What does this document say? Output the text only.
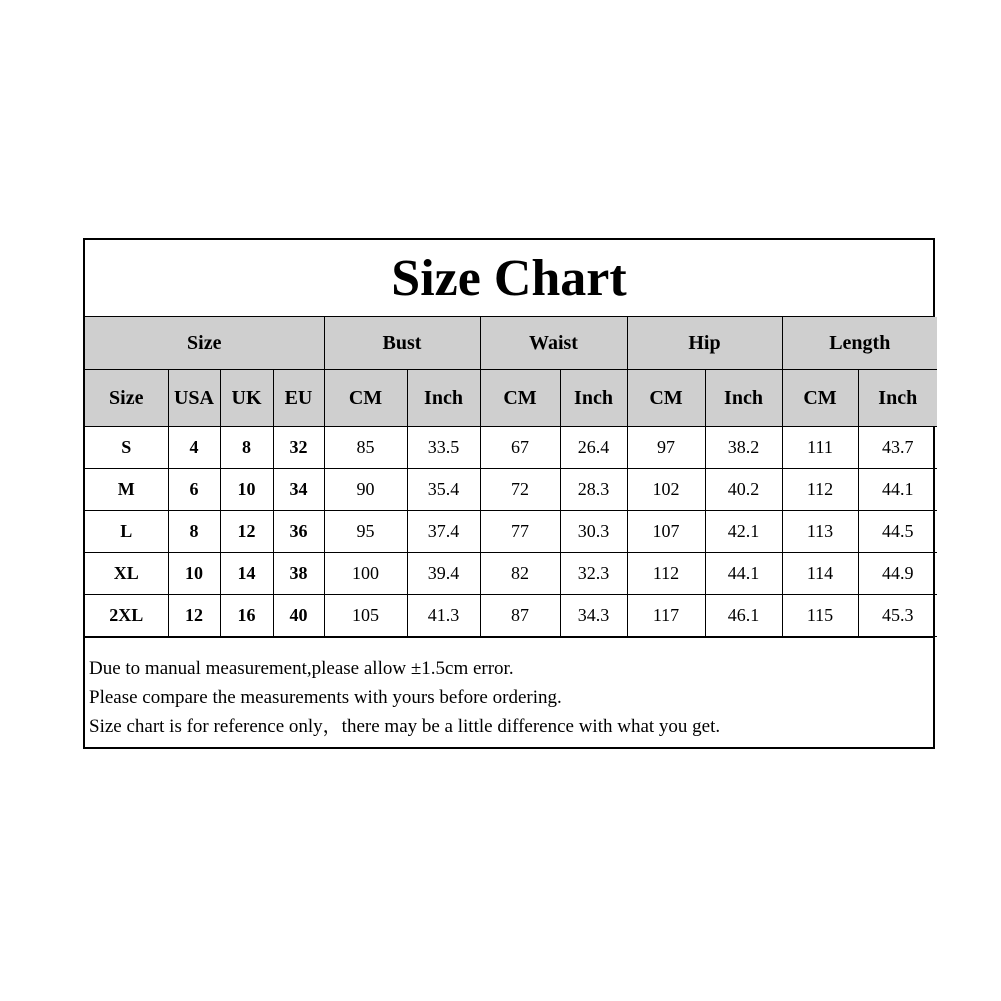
Size Chart
Size				Bust		Waist		Hip		Length	
Size	USA	UK	EU	CM	Inch	CM	Inch	CM	Inch	CM	Inch
S	4	8	32	85	33.5	67	26.4	97	38.2	111	43.7
M	6	10	34	90	35.4	72	28.3	102	40.2	112	44.1
L	8	12	36	95	37.4	77	30.3	107	42.1	113	44.5
XL	10	14	38	100	39.4	82	32.3	112	44.1	114	44.9
2XL	12	16	40	105	41.3	87	34.3	117	46.1	115	45.3
Due to manual measurement,please allow ±1.5cm error.
Please compare the measurements with yours before ordering.
Size chart is for reference only，there may be a little difference with what you get.
